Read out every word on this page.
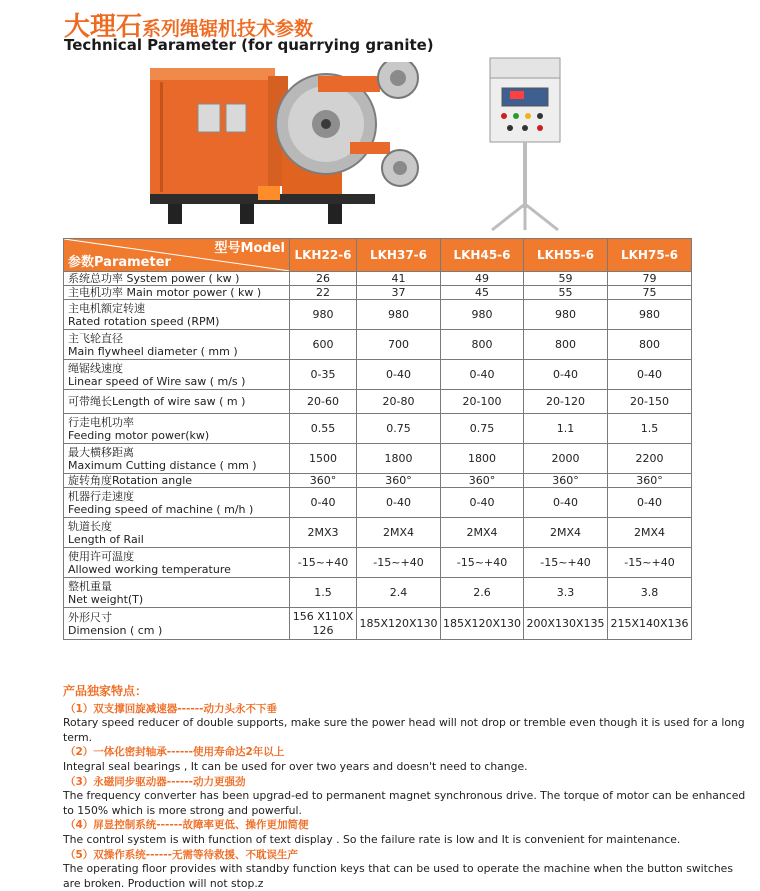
大理石系列绳锯机技术参数
Technical Parameter (for quarrying granite)
型号Model
参数Parameter	LKH22-6	LKH37-6	LKH45-6	LKH55-6	LKH75-6

系统总功率 System power ( kw )	26	41	49	59	79

主电机功率 Main motor power ( kw )	22	37	45	55	75

主电机额定转速
Rated rotation speed (RPM)	980	980	980	980	980

主飞轮直径
Main flywheel diameter ( mm )	600	700	800	800	800

绳锯线速度
Linear speed of Wire saw ( m/s )	0-35	0-40	0-40	0-40	0-40

可带绳长Length of wire saw ( m )	20-60	20-80	20-100	20-120	20-150

行走电机功率
Feeding motor power(kw)	0.55	0.75	0.75	1.1	1.5

最大横移距离
Maximum Cutting distance ( mm )	1500	1800	1800	2000	2200

旋转角度Rotation angle	360°	360°	360°	360°	360°

机器行走速度
Feeding speed of machine ( m/h )	0-40	0-40	0-40	0-40	0-40

轨道长度
Length of Rail	2MX3	2MX4	2MX4	2MX4	2MX4

使用许可温度
Allowed working temperature	-15~+40	-15~+40	-15~+40	-15~+40	-15~+40

整机重量
Net weight(T)	1.5	2.4	2.6	3.3	3.8

外形尺寸
Dimension ( cm )	156 X110X126	185X120X130	185X120X130	200X130X135	215X140X136
产品独家特点：
（1）双支撑回旋减速器------动力头永不下垂
Rotary speed reducer of double supports, make sure the power head will not drop or tremble even though it is used for a long term.
（2）一体化密封轴承------使用寿命达2年以上
Integral seal bearings , It can be used for over two years and doesn't need to change.
（3）永磁同步驱动器------动力更强劲
The frequency converter has been upgrad-ed to permanent magnet synchronous drive. The torque of motor can be enhanced to 150% which is more strong and powerful.
（4）屏显控制系统------故障率更低、操作更加简便
The control system is with function of text display . So the failure rate is low and It is convenient for maintenance.
（5）双操作系统------无需等待救援、不耽误生产
The operating floor provides with standby function keys that can be used to operate the machine when the button switches are broken. Production will not stop.z
